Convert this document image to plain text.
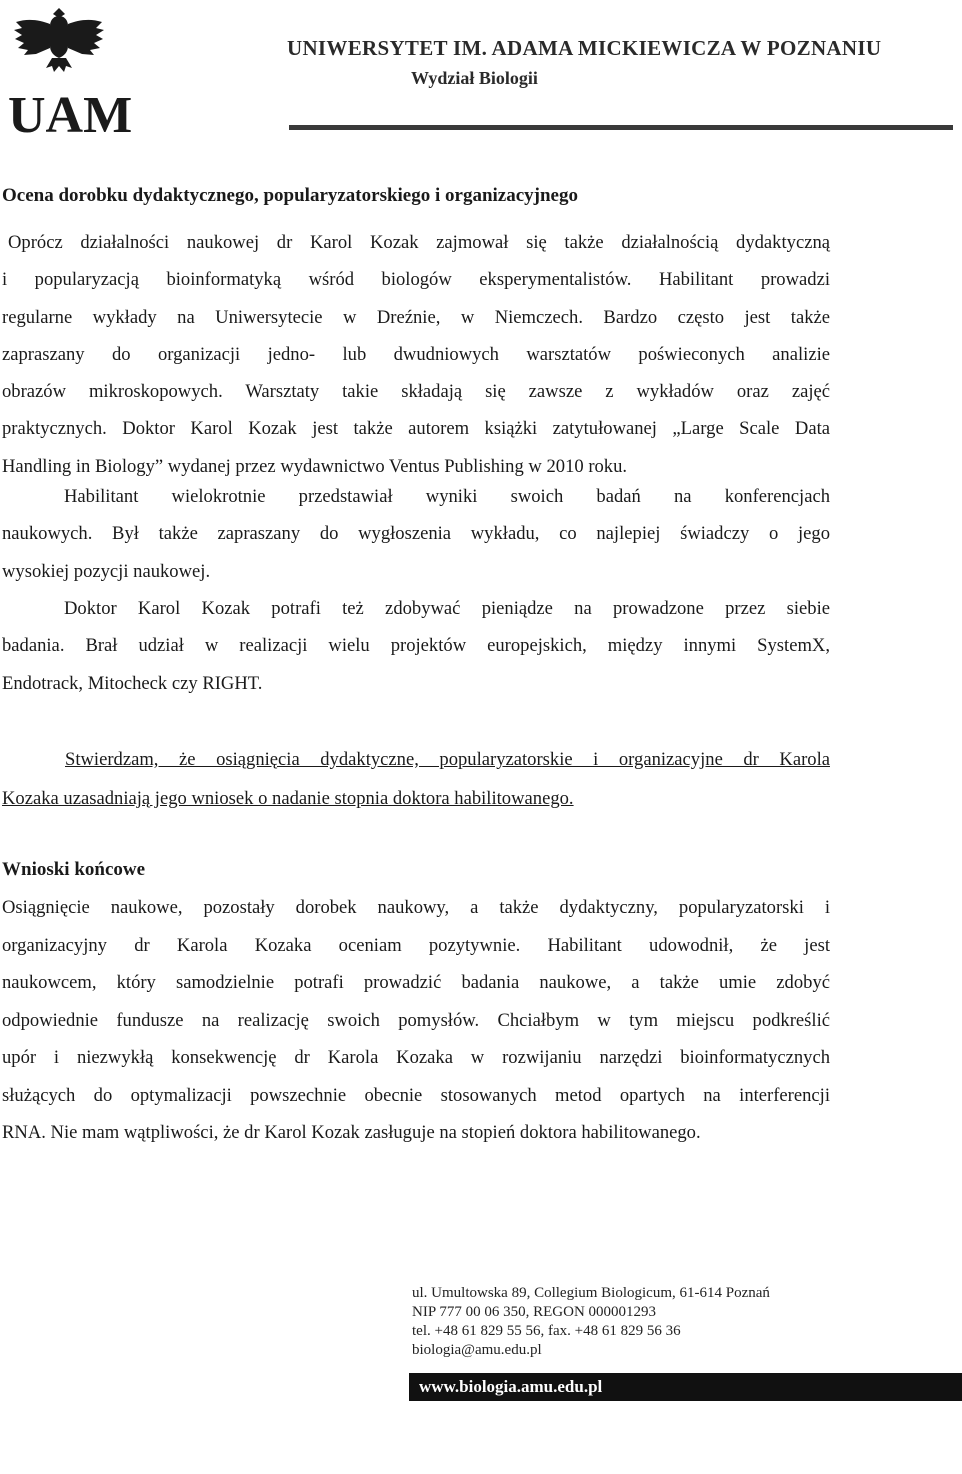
UAM
UNIWERSYTET IM. ADAMA MICKIEWICZA W POZNANIU
Wydział Biologii
Ocena dorobku dydaktycznego, popularyzatorskiego i organizacyjnego
Oprócz działalności naukowej dr Karol Kozak zajmował się także działalnością dydaktyczną
i popularyzacją bioinformatyką wśród biologów eksperymentalistów. Habilitant prowadzi
regularne wykłady na Uniwersytecie w Dreźnie, w Niemczech. Bardzo często jest także
zapraszany do organizacji jedno- lub dwudniowych warsztatów poświeconych analizie
obrazów mikroskopowych. Warsztaty takie składają się zawsze z wykładów oraz zajęć
praktycznych. Doktor Karol Kozak jest także autorem książki zatytułowanej „Large Scale Data
Handling in Biology” wydanej przez wydawnictwo Ventus Publishing w 2010 roku.
Habilitant wielokrotnie przedstawiał wyniki swoich badań na konferencjach
naukowych. Był także zapraszany do wygłoszenia wykładu, co najlepiej świadczy o jego
wysokiej pozycji naukowej.
Doktor Karol Kozak potrafi też zdobywać pieniądze na prowadzone przez siebie
badania. Brał udział w realizacji wielu projektów europejskich, między innymi SystemX,
Endotrack, Mitocheck czy RIGHT.
Stwierdzam, że osiągnięcia dydaktyczne, popularyzatorskie i organizacyjne dr Karola
Kozaka uzasadniają jego wniosek o nadanie stopnia doktora habilitowanego.
Wnioski końcowe
Osiągnięcie naukowe, pozostały dorobek naukowy, a także dydaktyczny, popularyzatorski i
organizacyjny dr Karola Kozaka oceniam pozytywnie. Habilitant udowodnił, że jest
naukowcem, który samodzielnie potrafi prowadzić badania naukowe, a także umie zdobyć
odpowiednie fundusze na realizację swoich pomysłów. Chciałbym w tym miejscu podkreślić
upór i niezwykłą konsekwencję dr Karola Kozaka w rozwijaniu narzędzi bioinformatycznych
służących do optymalizacji powszechnie obecnie stosowanych metod opartych na interferencji
RNA. Nie mam wątpliwości, że dr Karol Kozak zasługuje na stopień doktora habilitowanego.
ul. Umultowska 89, Collegium Biologicum, 61-614 Poznań
NIP 777 00 06 350, REGON 000001293
tel. +48 61 829 55 56, fax. +48 61 829 56 36
biologia@amu.edu.pl
www.biologia.amu.edu.pl
